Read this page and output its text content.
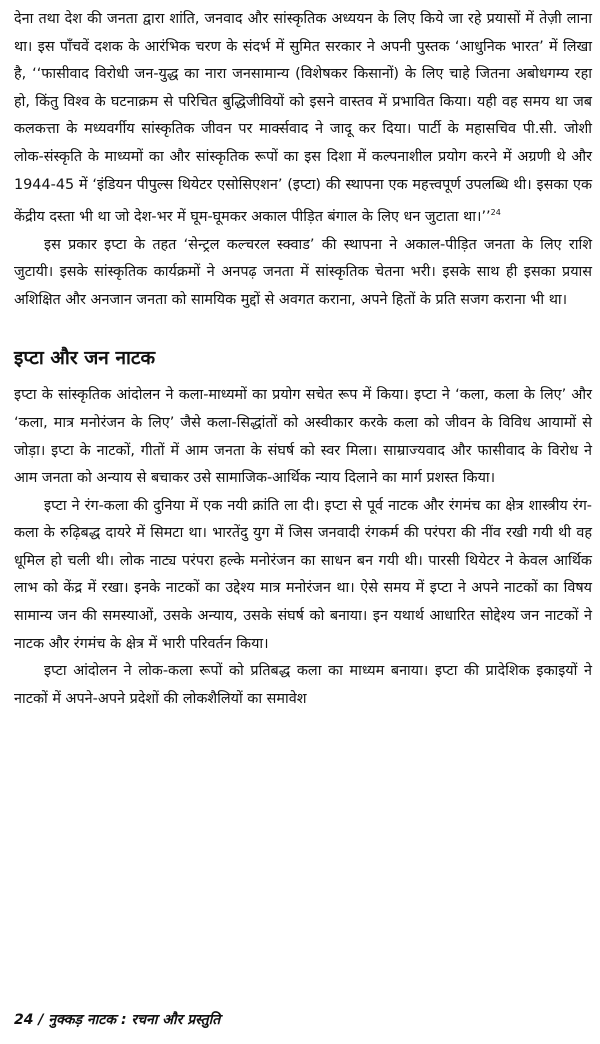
देना तथा देश की जनता द्वारा शांति, जनवाद और सांस्कृतिक अध्ययन के लिए किये जा रहे प्रयासों में तेज़ी लाना था। इस पाँचवें दशक के आरंभिक चरण के संदर्भ में सुमित सरकार ने अपनी पुस्तक ‘आधुनिक भारत’ में लिखा है, ‘‘फासीवाद विरोधी जन-युद्ध का नारा जनसामान्य (विशेषकर किसानों) के लिए चाहे जितना अबोधगम्य रहा हो, किंतु विश्व के घटनाक्रम से परिचित बुद्धिजीवियों को इसने वास्तव में प्रभावित किया। यही वह समय था जब कलकत्ता के मध्यवर्गीय सांस्कृतिक जीवन पर मार्क्सवाद ने जादू कर दिया। पार्टी के महासचिव पी.सी. जोशी लोक-संस्कृति के माध्यमों का और सांस्कृतिक रूपों का इस दिशा में कल्पनाशील प्रयोग करने में अग्रणी थे और 1944-45 में ‘इंडियन पीपुल्स थियेटर एसोसिएशन’ (इप्टा) की स्थापना एक महत्त्वपूर्ण उपलब्धि थी। इसका एक केंद्रीय दस्ता भी था जो देश-भर में घूम-घूमकर अकाल पीड़ित बंगाल के लिए धन जुटाता था।’’$^{24}$

इस प्रकार इप्टा के तहत ‘सेन्ट्रल कल्चरल स्क्वाड’ की स्थापना ने अकाल-पीड़ित जनता के लिए राशि जुटायी। इसके सांस्कृतिक कार्यक्रमों ने अनपढ़ जनता में सांस्कृतिक चेतना भरी। इसके साथ ही इसका प्रयास अशिक्षित और अनजान जनता को सामयिक मुद्दों से अवगत कराना, अपने हितों के प्रति सजग कराना भी था।

इप्टा और जन नाटक

इप्टा के सांस्कृतिक आंदोलन ने कला-माध्यमों का प्रयोग सचेत रूप में किया। इप्टा ने ‘कला, कला के लिए’ और ‘कला, मात्र मनोरंजन के लिए’ जैसे कला-सिद्धांतों को अस्वीकार करके कला को जीवन के विविध आयामों से जोड़ा। इप्टा के नाटकों, गीतों में आम जनता के संघर्ष को स्वर मिला। साम्राज्यवाद और फासीवाद के विरोध ने आम जनता को अन्याय से बचाकर उसे सामाजिक-आर्थिक न्याय दिलाने का मार्ग प्रशस्त किया।

इप्टा ने रंग-कला की दुनिया में एक नयी क्रांति ला दी। इप्टा से पूर्व नाटक और रंगमंच का क्षेत्र शास्त्रीय रंग-कला के रुढ़िबद्ध दायरे में सिमटा था। भारतेंदु युग में जिस जनवादी रंगकर्म की परंपरा की नींव रखी गयी थी वह धूमिल हो चली थी। लोक नाट्य परंपरा हल्के मनोरंजन का साधन बन गयी थी। पारसी थियेटर ने केवल आर्थिक लाभ को केंद्र में रखा। इनके नाटकों का उद्देश्य मात्र मनोरंजन था। ऐसे समय में इप्टा ने अपने नाटकों का विषय सामान्य जन की समस्याओं, उसके अन्याय, उसके संघर्ष को बनाया। इन यथार्थ आधारित सोद्देश्य जन नाटकों ने नाटक और रंगमंच के क्षेत्र में भारी परिवर्तन किया।

इप्टा आंदोलन ने लोक-कला रूपों को प्रतिबद्ध कला का माध्यम बनाया। इप्टा की प्रादेशिक इकाइयों ने नाटकों में अपने-अपने प्रदेशों की लोकशैलियों का समावेश

24 / नुक्कड़ नाटक : रचना और प्रस्तुति
